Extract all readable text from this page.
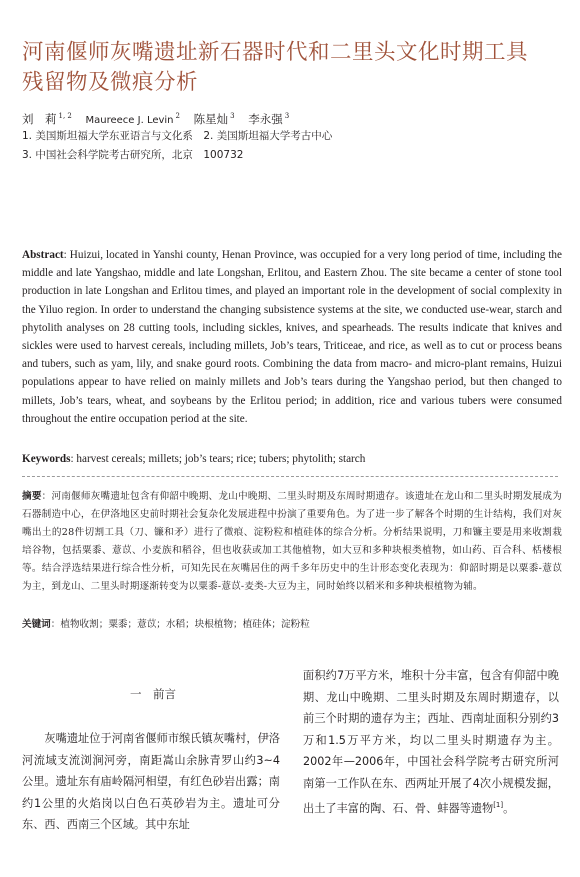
河南偃师灰嘴遗址新石器时代和二里头文化时期工具
残留物及微痕分析
刘　莉 $^{1, 2}$ Maureece J. Levin $^2$ 陈星灿 $^3$ 李永强 $^3$
1. 美国斯坦福大学东亚语言与文化系　2. 美国斯坦福大学考古中心
3. 中国社会科学院考古研究所，北京　100732
Abstract: Huizui, located in Yanshi county, Henan Province, was occupied for a very long period of time, including the middle and late Yangshao, middle and late Longshan, Erlitou, and Eastern Zhou. The site became a center of stone tool production in late Longshan and Erlitou times, and played an important role in the development of social complexity in the Yiluo region. In order to understand the changing subsistence systems at the site, we conducted use-wear, starch and phytolith analyses on 28 cutting tools, including sickles, knives, and spearheads. The results indicate that knives and sickles were used to harvest cereals, including millets, Job’s tears, Triticeae, and rice, as well as to cut or process beans and tubers, such as yam, lily, and snake gourd roots. Combining the data from macro- and micro-plant remains, Huizui populations appear to have relied on mainly millets and Job’s tears during the Yangshao period, but then changed to millets, Job’s tears, wheat, and soybeans by the Erlitou period; in addition, rice and various tubers were consumed throughout the entire occupation period at the site.
Keywords: harvest cereals; millets; job’s tears; rice; tubers; phytolith; starch
摘要：河南偃师灰嘴遗址包含有仰韶中晚期、龙山中晚期、二里头时期及东周时期遗存。该遗址在龙山和二里头时期发展成为石器制造中心，在伊洛地区史前时期社会复杂化发展进程中扮演了重要角色。为了进一步了解各个时期的生计结构，我们对灰嘴出土的28件切割工具（刀、镰和矛）进行了微痕、淀粉粒和植硅体的综合分析。分析结果说明，刀和镰主要是用来收割栽培谷物，包括粟黍、薏苡、小麦族和稻谷，但也收获或加工其他植物，如大豆和多种块根类植物，如山药、百合科、栝楼根等。结合浮选结果进行综合性分析，可知先民在灰嘴居住的两千多年历史中的生计形态变化表现为：仰韶时期是以粟黍-薏苡为主，到龙山、二里头时期逐渐转变为以粟黍-薏苡-麦类-大豆为主，同时始终以稻米和多种块根植物为辅。
关键词：植物收割；粟黍；薏苡；水稻；块根植物；植硅体；淀粉粒
一　 前言
灰嘴遗址位于河南省偃师市缑氏镇灰嘴村，伊洛河流域支流浏涧河旁，南距嵩山余脉青罗山约3~4公里。遗址东有庙岭隔河相望，有红色砂岩出露；南约1公里的火焰岗以白色石英砂岩为主。遗址可分东、西、西南三个区域。其中东址
面积约7万平方米，堆积十分丰富，包含有仰韶中晚期、龙山中晚期、二里头时期及东周时期遗存，以前三个时期的遗存为主；西址、西南址面积分别约3万和1.5万平方米，均以二里头时期遗存为主。2002年—2006年，中国社会科学院考古研究所河南第一工作队在东、西两址开展了4次小规模发掘，出土了丰富的陶、石、骨、蚌器等遗物[1]。
